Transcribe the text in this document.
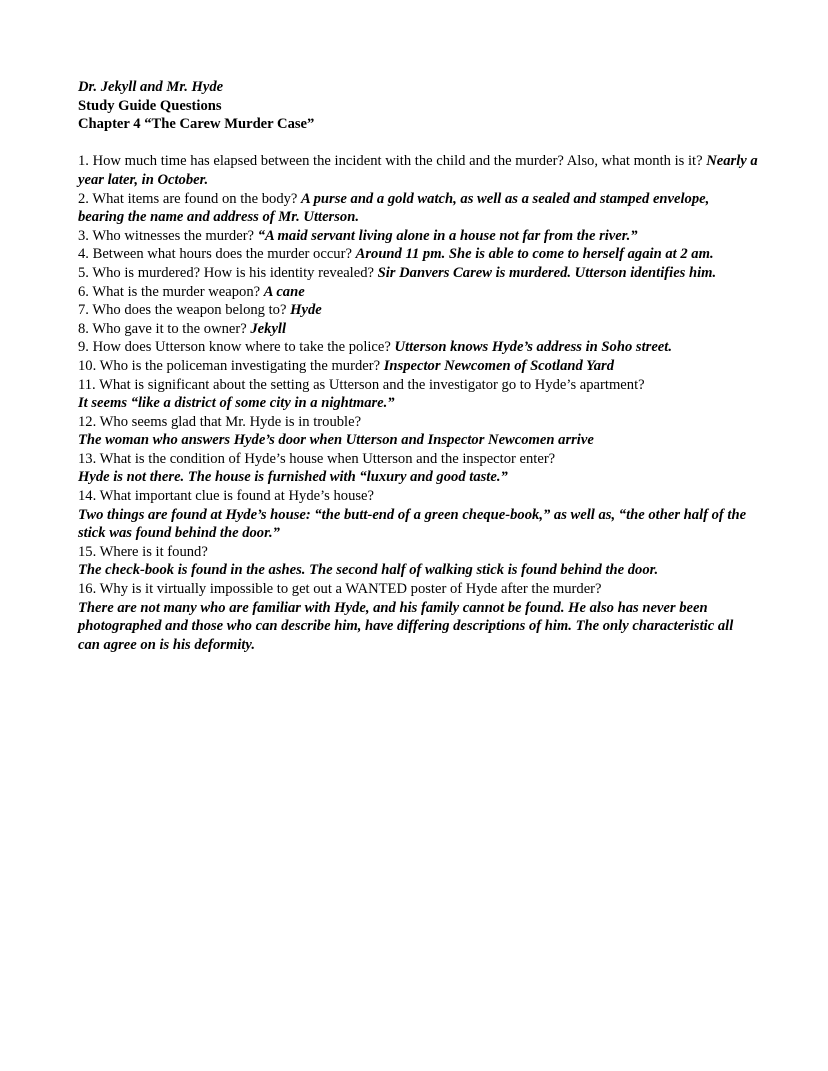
Dr. Jekyll and Mr. Hyde
Study Guide Questions
Chapter 4 “The Carew Murder Case”
1. How much time has elapsed between the incident with the child and the murder? Also, what month is it? Nearly a year later, in October.
2. What items are found on the body? A purse and a gold watch, as well as a sealed and stamped envelope, bearing the name and address of Mr. Utterson.
3. Who witnesses the murder? “A maid servant living alone in a house not far from the river.”
4. Between what hours does the murder occur? Around 11 pm. She is able to come to herself again at 2 am.
5. Who is murdered? How is his identity revealed? Sir Danvers Carew is murdered. Utterson identifies him.
6. What is the murder weapon? A cane
7. Who does the weapon belong to? Hyde
8. Who gave it to the owner? Jekyll
9. How does Utterson know where to take the police? Utterson knows Hyde’s address in Soho street.
10. Who is the policeman investigating the murder? Inspector Newcomen of Scotland Yard
11. What is significant about the setting as Utterson and the investigator go to Hyde’s apartment?
It seems “like a district of some city in a nightmare.”
12. Who seems glad that Mr. Hyde is in trouble?
The woman who answers Hyde’s door when Utterson and Inspector Newcomen arrive
13. What is the condition of Hyde’s house when Utterson and the inspector enter?
Hyde is not there. The house is furnished with “luxury and good taste.”
14. What important clue is found at Hyde’s house?
Two things are found at Hyde’s house: “the butt-end of a green cheque-book,” as well as, “the other half of the stick was found behind the door.”
15. Where is it found?
The check-book is found in the ashes. The second half of walking stick is found behind the door.
16. Why is it virtually impossible to get out a WANTED poster of Hyde after the murder?
There are not many who are familiar with Hyde, and his family cannot be found. He also has never been photographed and those who can describe him, have differing descriptions of him. The only characteristic all can agree on is his deformity.
